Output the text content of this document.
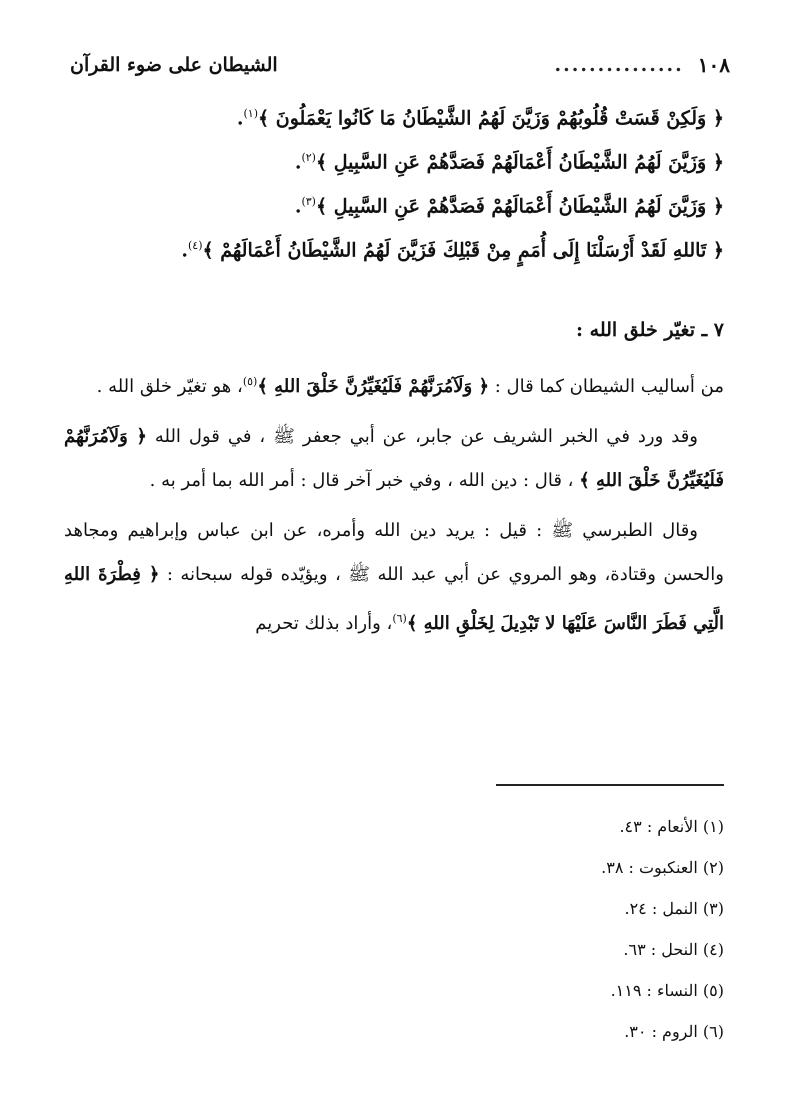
١٠٨
...............
الشيطان على ضوء القرآن
﴿ وَلَكِنْ قَسَتْ قُلُوبُهُمْ وَزَيَّنَ لَهُمُ الشَّيْطَانُ مَا كَانُوا يَعْمَلُونَ ﴾$^{(١)}$.
﴿ وَزَيَّنَ لَهُمُ الشَّيْطَانُ أَعْمَالَهُمْ فَصَدَّهُمْ عَنِ السَّبِيلِ ﴾$^{(٢)}$.
﴿ وَزَيَّنَ لَهُمُ الشَّيْطَانُ أَعْمَالَهُمْ فَصَدَّهُمْ عَنِ السَّبِيلِ ﴾$^{(٣)}$.
﴿ تَاللهِ لَقَدْ أَرْسَلْنَا إِلَى أُمَمٍ مِنْ قَبْلِكَ فَزَيَّنَ لَهُمُ الشَّيْطَانُ أَعْمَالَهُمْ ﴾$^{(٤)}$.
٧ ـ تغيّر خلق الله :

من أساليب الشيطان كما قال : ﴿ وَلَآمُرَنَّهُمْ فَلَيُغَيِّرُنَّ خَلْقَ اللهِ ﴾$^{(٥)}$، هو تغيّر خلق الله .

وقد ورد في الخبر الشريف عن جابر، عن أبي جعفر ﷺ ، في قول الله ﴿ وَلَآمُرَنَّهُمْ فَلَيُغَيِّرُنَّ خَلْقَ اللهِ ﴾ ، قال : دين الله ، وفي خبر آخر قال : أمر الله بما أمر به .

وقال الطبرسي ﷺ : قيل : يريد دين الله وأمره، عن ابن عباس وإبراهيم ومجاهد والحسن وقتادة، وهو المروي عن أبي عبد الله ﷺ ، ويؤيّده قوله سبحانه : ﴿ فِطْرَةَ اللهِ الَّتِي فَطَرَ النَّاسَ عَلَيْهَا لا تَبْدِيلَ لِخَلْقِ اللهِ ﴾$^{(٦)}$، وأراد بذلك تحريم

(١) الأنعام : ٤٣.
(٢) العنكبوت : ٣٨.
(٣) النمل : ٢٤.
(٤) النحل : ٦٣.
(٥) النساء : ١١٩.
(٦) الروم : ٣٠.
